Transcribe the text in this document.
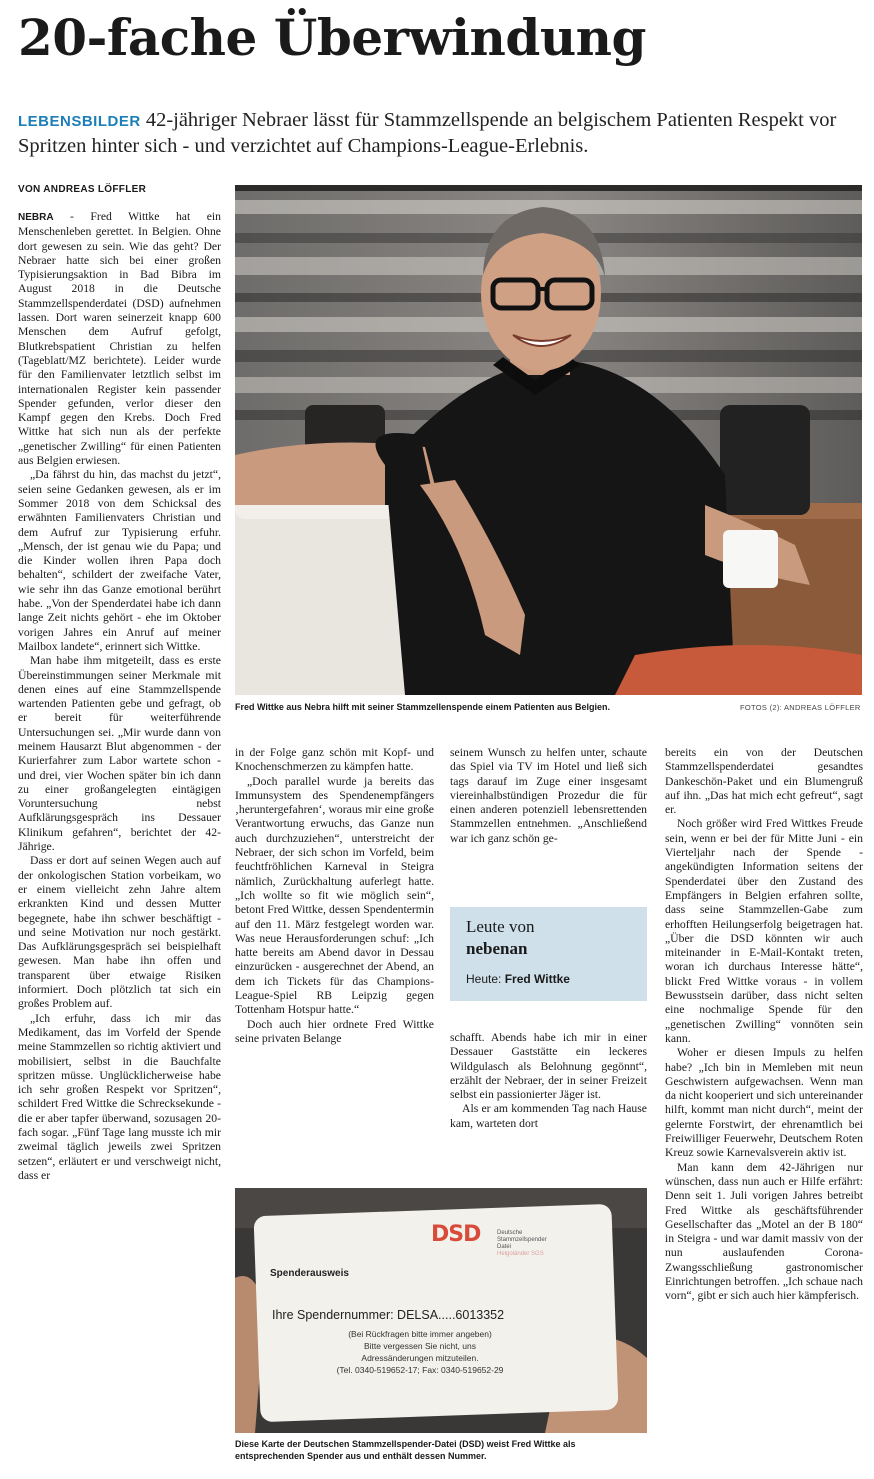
20-fache Überwindung
LEBENSBILDER 42-jähriger Nebraer lässt für Stammzellspende an belgischem Patienten Respekt vor Spritzen hinter sich - und verzichtet auf Champions-League-Erlebnis.
VON ANDREAS LÖFFLER

NEBRA - Fred Wittke hat ein Menschenleben gerettet. In Belgien. Ohne dort gewesen zu sein. Wie das geht? Der Nebraer hatte sich bei einer großen Typisierungsaktion in Bad Bibra im August 2018 in die Deutsche Stammzellspenderdatei (DSD) aufnehmen lassen. Dort waren seinerzeit knapp 600 Menschen dem Aufruf gefolgt, Blutkrebspatient Christian zu helfen (Tageblatt/MZ berichtete). Leider wurde für den Familienvater letztlich selbst im internationalen Register kein passender Spender gefunden, verlor dieser den Kampf gegen den Krebs. Doch Fred Wittke hat sich nun als der perfekte „genetischer Zwilling“ für einen Patienten aus Belgien erwiesen.

„Da fährst du hin, das machst du jetzt“, seien seine Gedanken gewesen, als er im Sommer 2018 von dem Schicksal des erwähnten Familienvaters Christian und dem Aufruf zur Typisierung erfuhr. „Mensch, der ist genau wie du Papa; und die Kinder wollen ihren Papa doch behalten“, schildert der zweifache Vater, wie sehr ihn das Ganze emotional berührt habe. „Von der Spenderdatei habe ich dann lange Zeit nichts gehört - ehe im Oktober vorigen Jahres ein Anruf auf meiner Mailbox landete“, erinnert sich Wittke.

Man habe ihm mitgeteilt, dass es erste Übereinstimmungen seiner Merkmale mit denen eines auf eine Stammzellspende wartenden Patienten gebe und gefragt, ob er bereit für weiterführende Untersuchungen sei. „Mir wurde dann von meinem Hausarzt Blut abgenommen - der Kurierfahrer zum Labor wartete schon - und drei, vier Wochen später bin ich dann zu einer großangelegten eintägigen Voruntersuchung nebst Aufklärungsgespräch ins Dessauer Klinikum gefahren“, berichtet der 42-Jährige.

Dass er dort auf seinen Wegen auch auf der onkologischen Station vorbeikam, wo er einem vielleicht zehn Jahre altem erkrankten Kind und dessen Mutter begegnete, habe ihn schwer beschäftigt - und seine Motivation nur noch gestärkt. Das Aufklärungsgespräch sei beispielhaft gewesen. Man habe ihn offen und transparent über etwaige Risiken informiert. Doch plötzlich tat sich ein großes Problem auf.

„Ich erfuhr, dass ich mir das Medikament, das im Vorfeld der Spende meine Stammzellen so richtig aktiviert und mobilisiert, selbst in die Bauchfalte spritzen müsse. Unglücklicherweise habe ich sehr großen Respekt vor Spritzen“, schildert Fred Wittke die Schrecksekunde - die er aber tapfer überwand, sozusagen 20-fach sogar. „Fünf Tage lang musste ich mir zweimal täglich jeweils zwei Spritzen setzen“, erläutert er und verschweigt nicht, dass er

Fred Wittke aus Nebra hilft mit seiner Stammzellenspende einem Patienten aus Belgien.	FOTOS (2): ANDREAS LÖFFLER

in der Folge ganz schön mit Kopf- und Knochenschmerzen zu kämpfen hatte.

„Doch parallel wurde ja bereits das Immunsystem des Spendenempfängers ‚heruntergefahren‘, woraus mir eine große Verantwortung erwuchs, das Ganze nun auch durchzuziehen“, unterstreicht der Nebraer, der sich schon im Vorfeld, beim feuchtfröhlichen Karneval in Steigra nämlich, Zurückhaltung auferlegt hatte. „Ich wollte so fit wie möglich sein“, betont Fred Wittke, dessen Spendentermin auf den 11. März festgelegt worden war. Was neue Herausforderungen schuf: „Ich hatte bereits am Abend davor in Dessau einzurücken - ausgerechnet der Abend, an dem ich Tickets für das Champions-League-Spiel RB Leipzig gegen Tottenham Hotspur hatte.“

Doch auch hier ordnete Fred Wittke seine privaten Belange

seinem Wunsch zu helfen unter, schaute das Spiel via TV im Hotel und ließ sich tags darauf im Zuge einer insgesamt viereinhalbstündigen Prozedur die für einen anderen potenziell lebensrettenden Stammzellen entnehmen. „Anschließend war ich ganz schön ge-

Leute von
nebenan
Heute: Fred Wittke

schafft. Abends habe ich mir in einer Dessauer Gaststätte ein leckeres Wildgulasch als Belohnung gegönnt“, erzählt der Nebraer, der in seiner Freizeit selbst ein passionierter Jäger ist.

Als er am kommenden Tag nach Hause kam, warteten dort

bereits ein von der Deutschen Stammzellspenderdatei gesandtes Dankeschön-Paket und ein Blumengruß auf ihn. „Das hat mich echt gefreut“, sagt er.

Noch größer wird Fred Wittkes Freude sein, wenn er bei der für Mitte Juni - ein Vierteljahr nach der Spende - angekündigten Information seitens der Spenderdatei über den Zustand des Empfängers in Belgien erfahren sollte, dass seine Stammzellen-Gabe zum erhofften Heilungserfolg beigetragen hat. „Über die DSD könnten wir auch miteinander in E-Mail-Kontakt treten, woran ich durchaus Interesse hätte“, blickt Fred Wittke voraus - in vollem Bewusstsein darüber, dass nicht selten eine nochmalige Spende für den „genetischen Zwilling“ vonnöten sein kann.

Woher er diesen Impuls zu helfen habe? „Ich bin in Memleben mit neun Geschwistern aufgewachsen. Wenn man da nicht kooperiert und sich untereinander hilft, kommt man nicht durch“, meint der gelernte Forstwirt, der ehrenamtlich bei Freiwilliger Feuerwehr, Deutschem Roten Kreuz sowie Karnevalsverein aktiv ist.

Man kann dem 42-Jährigen nur wünschen, dass nun auch er Hilfe erfährt: Denn seit 1. Juli vorigen Jahres betreibt Fred Wittke als geschäftsführender Gesellschafter das „Motel an der B 180“ in Steigra - und war damit massiv von der nun auslaufenden Corona-Zwangsschließung gastronomischer Einrichtungen betroffen. „Ich schaue nach vorn“, gibt er sich auch hier kämpferisch.

DSD	Deutsche
Stammzellspender
Datei
Helgoländer SGS
Spenderausweis
Ihre Spendernummer: DELSA.....6013352
(Bei Rückfragen bitte immer angeben)
Bitte vergessen Sie nicht, uns
Adressänderungen mitzuteilen.
(Tel. 0340-519652-17; Fax: 0340-519652-29
Diese Karte der Deutschen Stammzellspender-Datei (DSD) weist Fred Wittke als entsprechenden Spender aus und enthält dessen Nummer.
